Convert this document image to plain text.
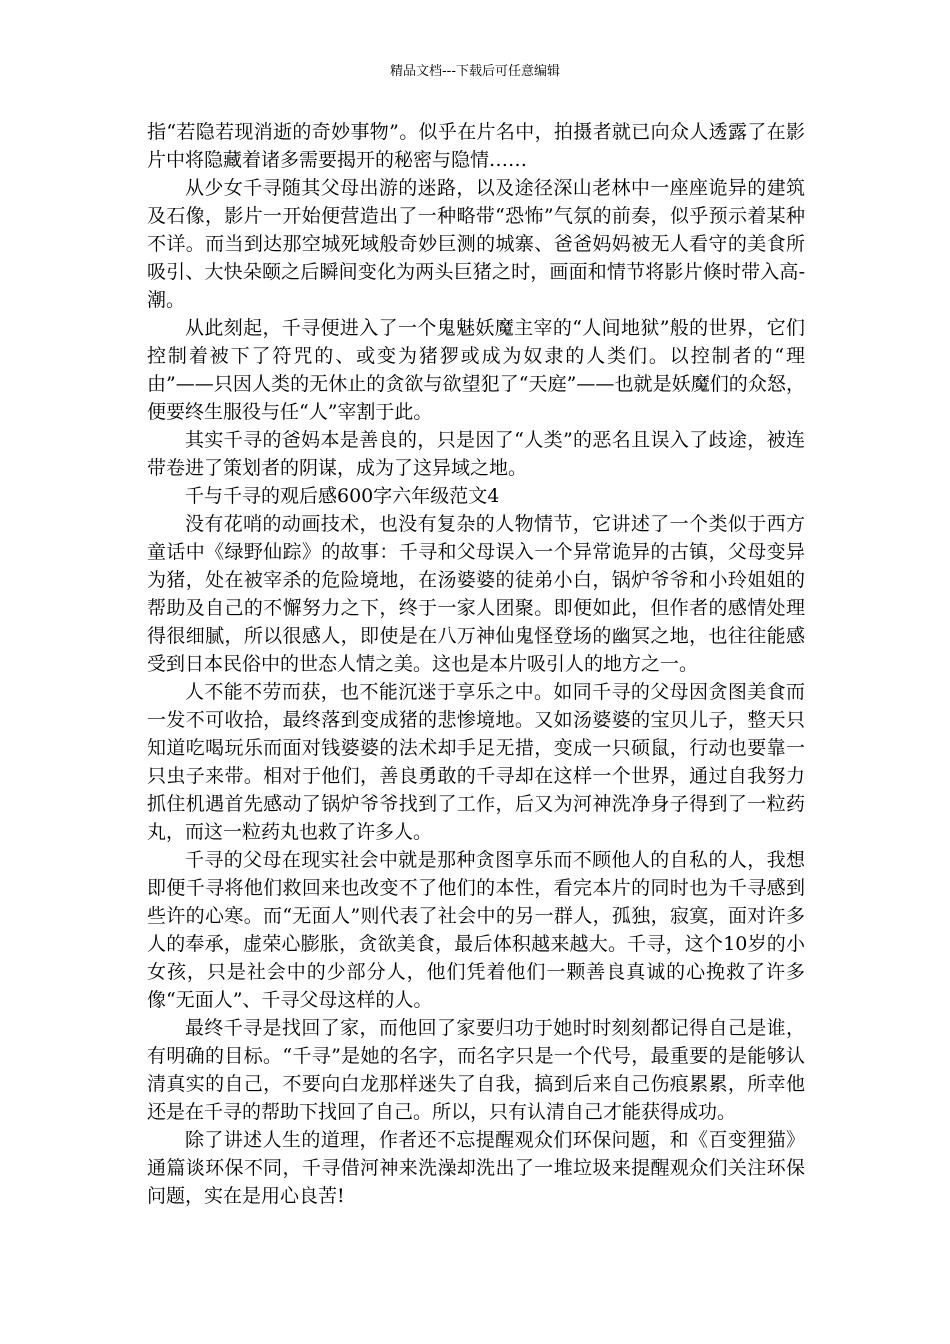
精品文档---下载后可任意编辑

指“若隐若现消逝的奇妙事物”。似乎在片名中，拍摄者就已向众人透露了在影片中将隐藏着诸多需要揭开的秘密与隐情……

从少女千寻随其父母出游的迷路，以及途径深山老林中一座座诡异的建筑及石像，影片一开始便营造出了一种略带“恐怖”气氛的前奏，似乎预示着某种不详。而当到达那空城死域般奇妙巨测的城寨、爸爸妈妈被无人看守的美食所吸引、大快朵颐之后瞬间变化为两头巨猪之时，画面和情节将影片倏时带入高-潮。

从此刻起，千寻便进入了一个鬼魅妖魔主宰的“人间地狱”般的世界，它们控制着被下了符咒的、或变为猪猡或成为奴隶的人类们。以控制者的“理由”——只因人类的无休止的贪欲与欲望犯了“天庭”——也就是妖魔们的众怒，便要终生服役与任“人”宰割于此。

其实千寻的爸妈本是善良的，只是因了“人类”的恶名且误入了歧途，被连带卷进了策划者的阴谋，成为了这异域之地。

千与千寻的观后感600字六年级范文4

没有花哨的动画技术，也没有复杂的人物情节，它讲述了一个类似于西方童话中《绿野仙踪》的故事：千寻和父母误入一个异常诡异的古镇，父母变异为猪，处在被宰杀的危险境地，在汤婆婆的徒弟小白，锅炉爷爷和小玲姐姐的帮助及自己的不懈努力之下，终于一家人团聚。即便如此，但作者的感情处理得很细腻，所以很感人，即使是在八万神仙鬼怪登场的幽冥之地，也往往能感受到日本民俗中的世态人情之美。这也是本片吸引人的地方之一。

人不能不劳而获，也不能沉迷于享乐之中。如同千寻的父母因贪图美食而一发不可收拾，最终落到变成猪的悲惨境地。又如汤婆婆的宝贝儿子，整天只知道吃喝玩乐而面对钱婆婆的法术却手足无措，变成一只硕鼠，行动也要靠一只虫子来带。相对于他们，善良勇敢的千寻却在这样一个世界，通过自我努力抓住机遇首先感动了锅炉爷爷找到了工作，后又为河神洗净身子得到了一粒药丸，而这一粒药丸也救了许多人。

千寻的父母在现实社会中就是那种贪图享乐而不顾他人的自私的人，我想即便千寻将他们救回来也改变不了他们的本性，看完本片的同时也为千寻感到些许的心寒。而“无面人”则代表了社会中的另一群人，孤独，寂寞，面对许多人的奉承，虚荣心膨胀，贪欲美食，最后体积越来越大。千寻，这个10岁的小女孩，只是社会中的少部分人，他们凭着他们一颗善良真诚的心挽救了许多像“无面人”、千寻父母这样的人。

最终千寻是找回了家，而他回了家要归功于她时时刻刻都记得自己是谁，有明确的目标。“千寻”是她的名字，而名字只是一个代号，最重要的是能够认清真实的自己，不要向白龙那样迷失了自我，搞到后来自己伤痕累累，所幸他还是在千寻的帮助下找回了自己。所以，只有认清自己才能获得成功。

除了讲述人生的道理，作者还不忘提醒观众们环保问题，和《百变狸猫》通篇谈环保不同，千寻借河神来洗澡却洗出了一堆垃圾来提醒观众们关注环保问题，实在是用心良苦!
